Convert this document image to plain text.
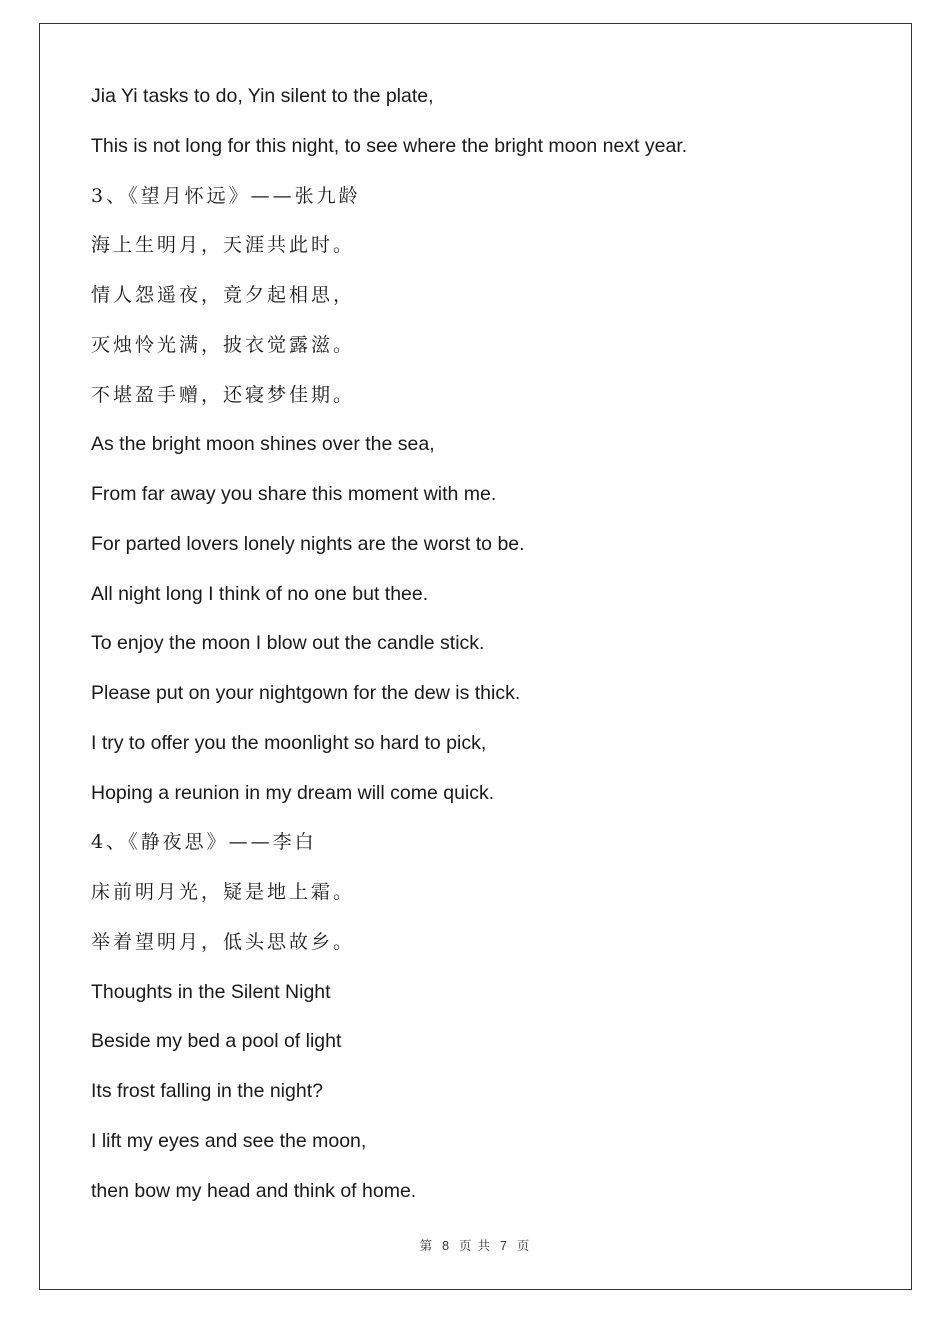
Jia Yi tasks to do, Yin silent to the plate,
This is not long for this night, to see where the bright moon next year.
3、《望月怀远》——张九龄
海上生明月，天涯共此时。
情人怨遥夜，竟夕起相思，
灭烛怜光满，披衣觉露滋。
不堪盈手赠，还寝梦佳期。
As the bright moon shines over the sea,
From far away you share this moment with me.
For parted lovers lonely nights are the worst to be.
All night long I think of no one but thee.
To enjoy the moon I blow out the candle stick.
Please put on your nightgown for the dew is thick.
I try to offer you the moonlight so hard to pick,
Hoping a reunion in my dream will come quick.
4、《静夜思》——李白
床前明月光，疑是地上霜。
举着望明月，低头思故乡。
Thoughts in the Silent Night
Beside my bed a pool of light
Its frost falling in the night?
I lift my eyes and see the moon,
then bow my head and think of home.
第 8 页 共 7 页
